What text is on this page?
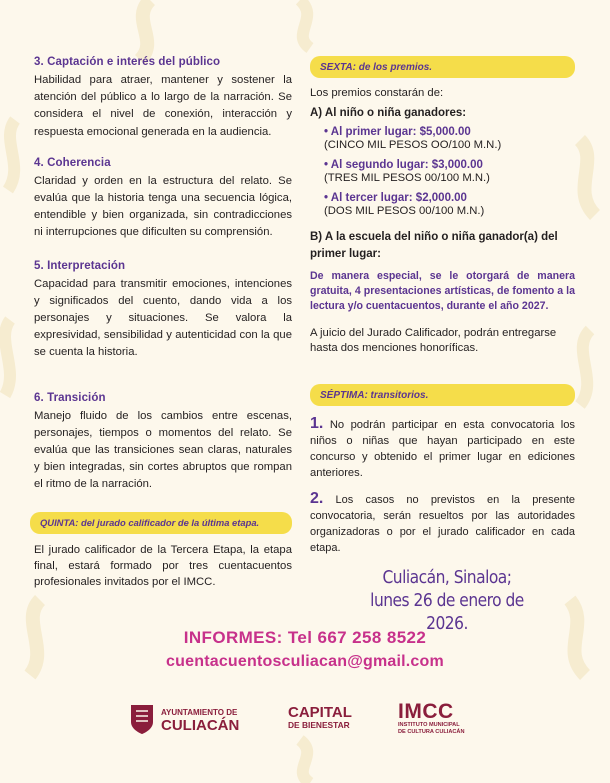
3. Captación e interés del público
Habilidad para atraer, mantener y sostener la atención del público a lo largo de la narración. Se considera el nivel de conexión, interacción y respuesta emocional generada en la audiencia.
4. Coherencia
Claridad y orden en la estructura del relato. Se evalúa que la historia tenga una secuencia lógica, entendible y bien organizada, sin contradicciones ni interrupciones que dificulten su comprensión.
5. Interpretación
Capacidad para transmitir emociones, intenciones y significados del cuento, dando vida a los personajes y situaciones. Se valora la expresividad, sensibilidad y autenticidad con la que se cuenta la historia.
6. Transición
Manejo fluido de los cambios entre escenas, personajes, tiempos o momentos del relato. Se evalúa que las transiciones sean claras, naturales y bien integradas, sin cortes abruptos que rompan el ritmo de la narración.
QUINTA: del jurado calificador de la última etapa.
El jurado calificador de la Tercera Etapa, la etapa final, estará formado por tres cuentacuentos profesionales invitados por el IMCC.
SEXTA: de los premios.
Los premios constarán de:
A) Al niño o niña ganadores:
• Al primer lugar: $5,000.00
(CINCO MIL PESOS OO/100 M.N.)
• Al segundo lugar: $3,000.00
(TRES MIL PESOS 00/100 M.N.)
• Al tercer lugar: $2,000.00
(DOS MIL PESOS 00/100 M.N.)
B) A la escuela del niño o niña ganador(a) del primer lugar:
De manera especial, se le otorgará de manera gratuita, 4 presentaciones artísticas, de fomento a la lectura y/o cuentacuentos, durante el año 2027.
A juicio del Jurado Calificador, podrán entregarse hasta dos menciones honoríficas.
SÉPTIMA: transitorios.
1. No podrán participar en esta convocatoria los niños o niñas que hayan participado en este concurso y obtenido el primer lugar en ediciones anteriores.
2. Los casos no previstos en la presente convocatoria, serán resueltos por las autoridades organizadoras o por el jurado calificador en cada etapa.
Culiacán, Sinaloa;
lunes 26 de enero de 2026.
INFORMES: Tel 667 258 8522
cuentacuentosculiacan@gmail.com
AYUNTAMIENTO DE
CULIACÁN
CAPITAL
DE BIENESTAR
IMCC
INSTITUTO MUNICIPAL
DE CULTURA CULIACÁN
